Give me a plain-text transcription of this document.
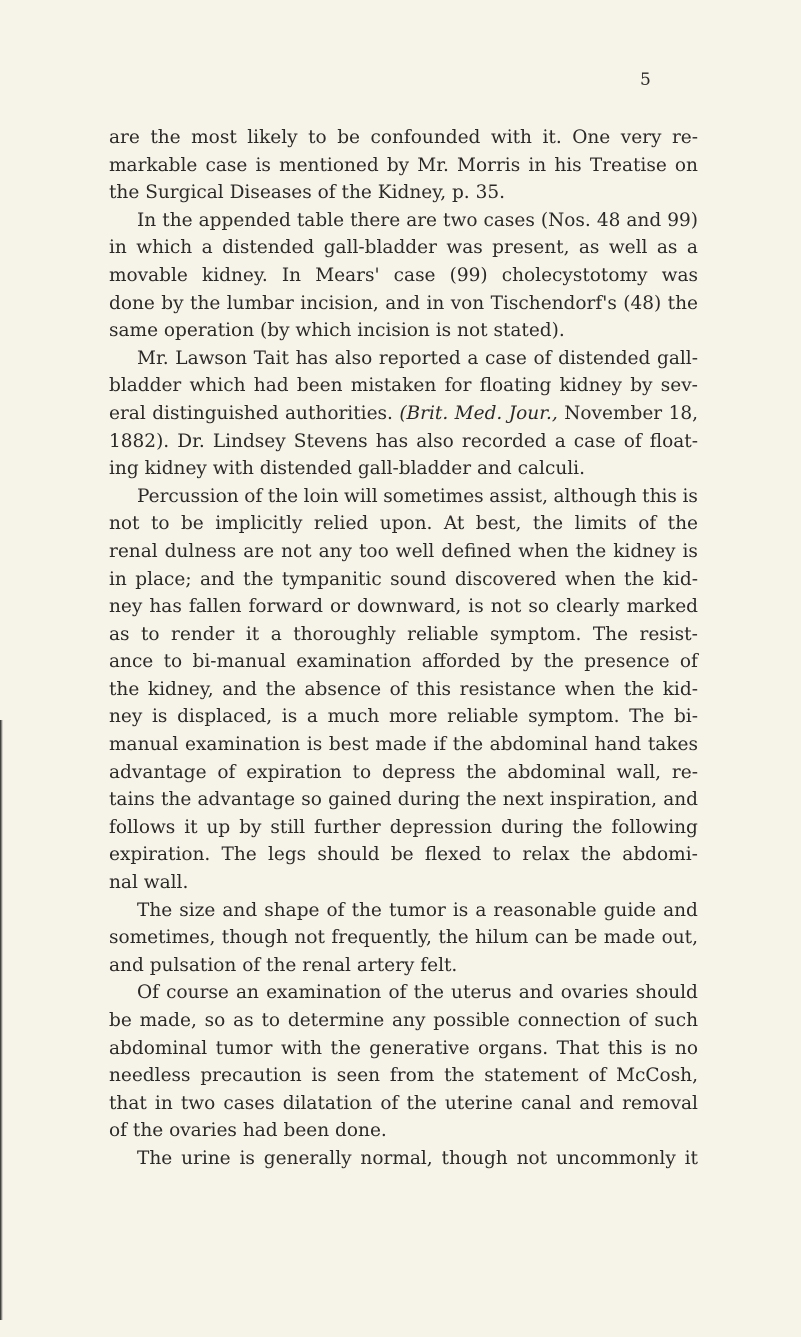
5
are the most likely to be confounded with it. One very re-
markable case is mentioned by Mr. Morris in his Treatise on
the
Surgical
Diseases
of
the
Kidney,
p.
35.
In the appended table there are two cases (Nos. 48 and 99)
in which a distended gall-bladder was present, as well as a
movable kidney. In Mears' case (99) cholecystotomy was
done by the lumbar incision, and in von Tischendorf's (48) the
same
operation
(by
which
incision
is
not
stated).
Mr. Lawson Tait has also reported a case of distended gall-
bladder which had been mistaken for floating kidney by sev-
eral distinguished authorities. (Brit. Med. Jour., November 18,
1882). Dr. Lindsey Stevens has also recorded a case of float-
ing
kidney
with
distended
gall-bladder
and
calculi.
Percussion of the loin will sometimes assist, although this is
not to be implicitly relied upon. At best, the limits of the
renal dulness are not any too well defined when the kidney is
in place; and the tympanitic sound discovered when the kid-
ney has fallen forward or downward, is not so clearly marked
as to render it a thoroughly reliable symptom. The resist-
ance to bi-manual examination afforded by the presence of
the kidney, and the absence of this resistance when the kid-
ney is displaced, is a much more reliable symptom. The bi-
manual examination is best made if the abdominal hand takes
advantage of expiration to depress the abdominal wall, re-
tains the advantage so gained during the next inspiration, and
follows it up by still further depression during the following
expiration. The legs should be flexed to relax the abdomi-
nal
wall.
The size and shape of the tumor is a reasonable guide and
sometimes, though not frequently, the hilum can be made out,
and
pulsation
of
the
renal
artery
felt.
Of course an examination of the uterus and ovaries should
be made, so as to determine any possible connection of such
abdominal tumor with the generative organs. That this is no
needless precaution is seen from the statement of McCosh,
that in two cases dilatation of the uterine canal and removal
of
the
ovaries
had
been
done.
The urine is generally normal, though not uncommonly it
